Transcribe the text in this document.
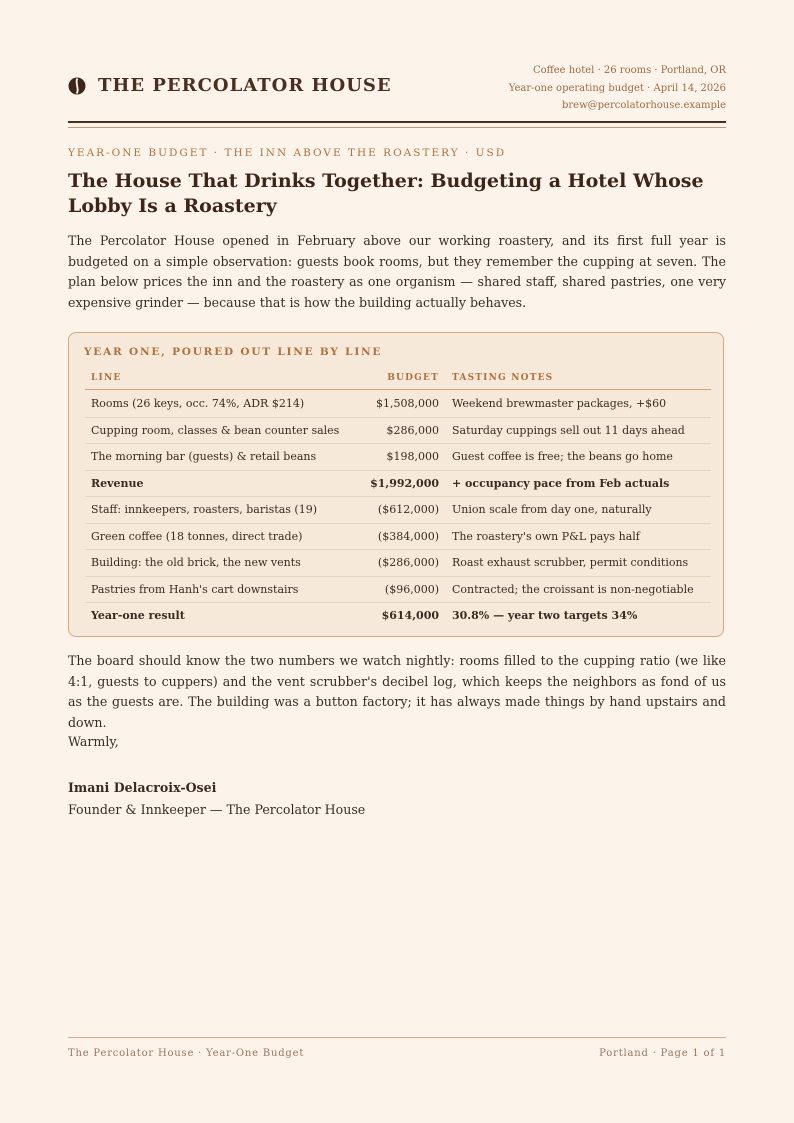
THE PERCOLATOR HOUSE
Coffee hotel · 26 rooms · Portland, OR
Year-one operating budget · April 14, 2026
brew@percolatorhouse.example
YEAR-ONE BUDGET · THE INN ABOVE THE ROASTERY · USD
The House That Drinks Together: Budgeting a Hotel Whose Lobby Is a Roastery

The Percolator House opened in February above our working roastery, and its first full year is budgeted on a simple observation: guests book rooms, but they remember the cupping at seven. The plan below prices the inn and the roastery as one organism — shared staff, shared pastries, one very expensive grinder — because that is how the building actually behaves.

YEAR ONE, POURED OUT LINE BY LINE
LINE	BUDGET TASTING NOTES
Rooms (26 keys, occ. 74%, ADR $214)	$1,508,000 Weekend brewmaster packages, +$60
Cupping room, classes & bean counter sales	$286,000 Saturday cuppings sell out 11 days ahead
The morning bar (guests) & retail beans	$198,000 Guest coffee is free; the beans go home
Revenue	$1,992,000 + occupancy pace from Feb actuals
Staff: innkeepers, roasters, baristas (19)	($612,000) Union scale from day one, naturally
Green coffee (18 tonnes, direct trade)	($384,000) The roastery's own P&L pays half
Building: the old brick, the new vents	($286,000) Roast exhaust scrubber, permit conditions
Pastries from Hanh's cart downstairs	($96,000) Contracted; the croissant is non-negotiable
Year-one result	$614,000 30.8% — year two targets 34%

The board should know the two numbers we watch nightly: rooms filled to the cupping ratio (we like 4:1, guests to cuppers) and the vent scrubber's decibel log, which keeps the neighbors as fond of us as the guests are. The building was a button factory; it has always made things by hand upstairs and down.

Warmly,
Imani Delacroix-Osei
Founder & Innkeeper — The Percolator House
The Percolator House · Year-One Budget	Portland · Page 1 of 1
